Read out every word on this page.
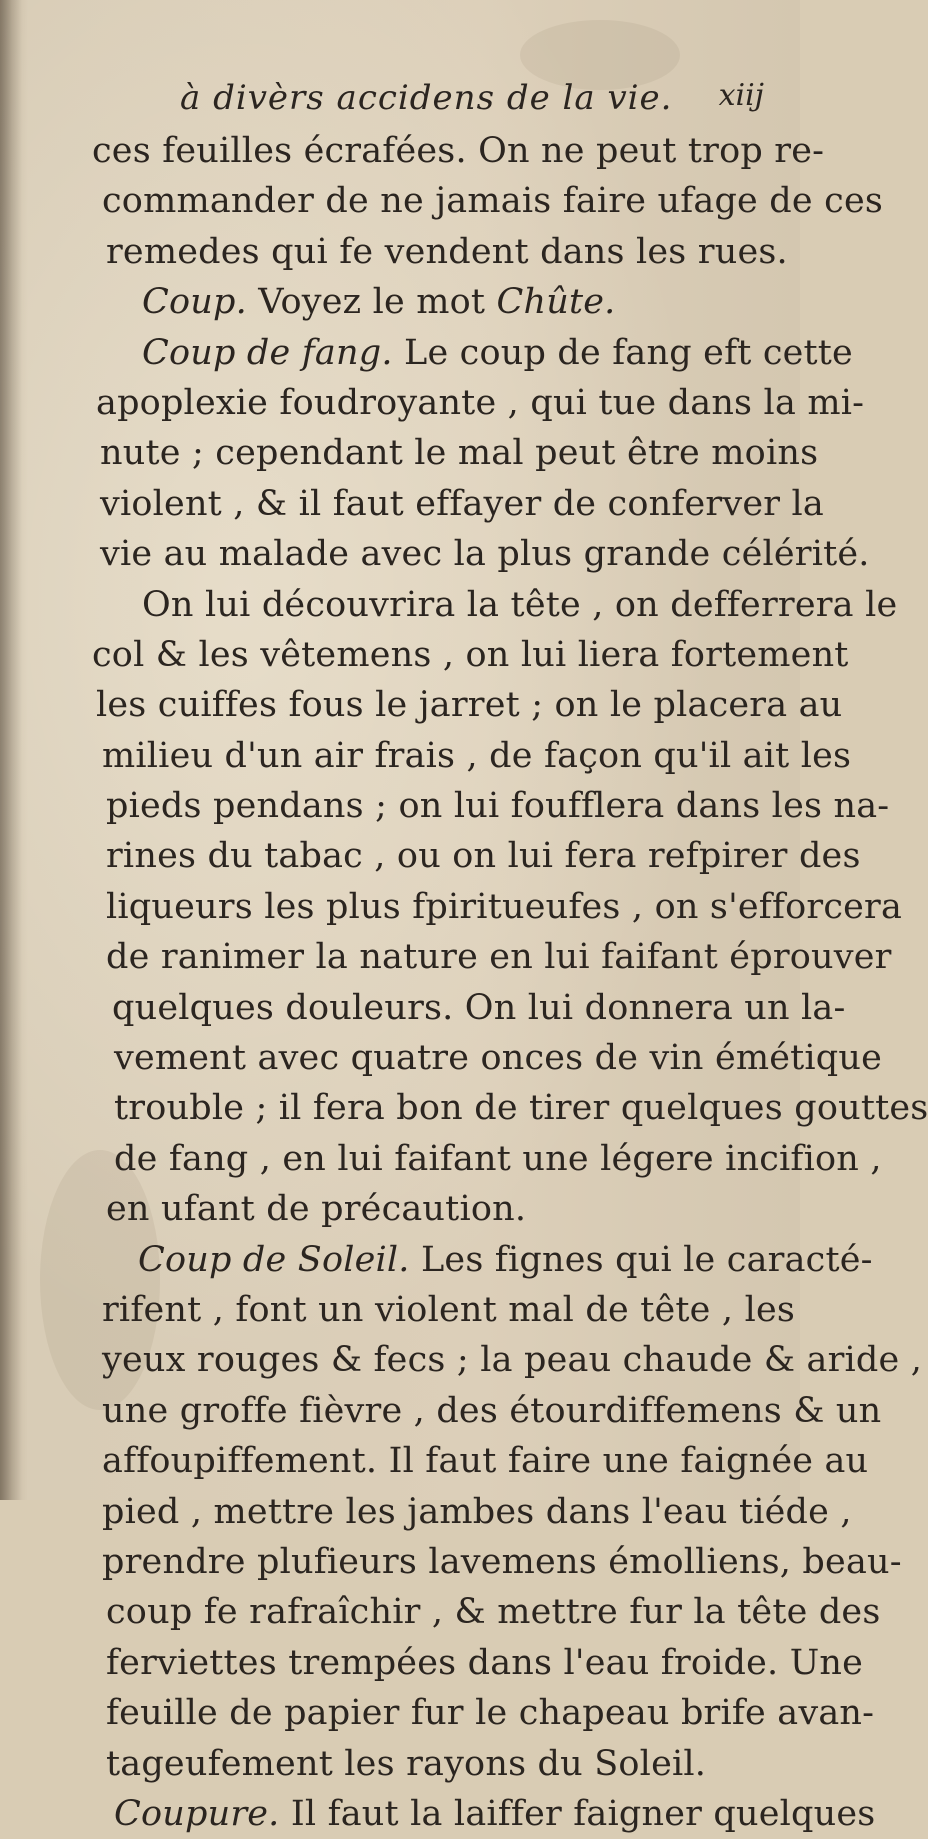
à divèrs accidens de la vie. xiij
ces feuilles écrafées. On ne peut trop re-
commander de ne jamais faire ufage de ces
remedes qui fe vendent dans les rues.
Coup. Voyez le mot Chûte.
Coup de fang. Le coup de fang eft cette
apoplexie foudroyante , qui tue dans la mi-
nute ; cependant le mal peut être moins
violent , & il faut effayer de conferver la
vie au malade avec la plus grande célérité.
On lui découvrira la tête , on defferrera le
col & les vêtemens , on lui liera fortement
les cuiffes fous le jarret ; on le placera au
milieu d'un air frais , de façon qu'il ait les
pieds pendans ; on lui foufflera dans les na-
rines du tabac , ou on lui fera refpirer des
liqueurs les plus fpiritueufes , on s'efforcera
de ranimer la nature en lui faifant éprouver
quelques douleurs. On lui donnera un la-
vement avec quatre onces de vin émétique
trouble ; il fera bon de tirer quelques gouttes
de fang , en lui faifant une légere incifion ,
en ufant de précaution.
Coup de Soleil. Les fignes qui le caracté-
rifent , font un violent mal de tête , les
yeux rouges & fecs ; la peau chaude & aride ,
une groffe fièvre , des étourdiffemens & un
affoupiffement. Il faut faire une faignée au
pied , mettre les jambes dans l'eau tiéde ,
prendre plufieurs lavemens émolliens, beau-
coup fe rafraîchir , & mettre fur la tête des
ferviettes trempées dans l'eau froide. Une
feuille de papier fur le chapeau brife avan-
tageufement les rayons du Soleil.
Coupure. Il faut la laiffer faigner quelques
